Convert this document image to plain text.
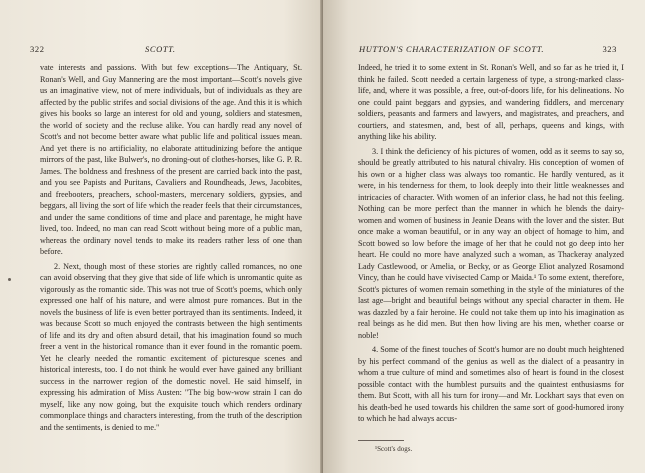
322	SCOTT.

vate interests and passions. With but few exceptions—The Antiquary, St. Ronan's Well, and Guy Mannering are the most important—Scott's novels give us an imaginative view, not of mere individuals, but of individuals as they are affected by the public strifes and social divisions of the age. And this it is which gives his books so large an interest for old and young, soldiers and statesmen, the world of society and the recluse alike. You can hardly read any novel of Scott's and not become better aware what public life and political issues mean. And yet there is no artificiality, no elaborate attitudinizing before the antique mirrors of the past, like Bulwer's, no droning-out of clothes-horses, like G. P. R. James. The boldness and freshness of the present are carried back into the past, and you see Papists and Puritans, Cavaliers and Roundheads, Jews, Jacobites, and freebooters, preachers, school-masters, mercenary soldiers, gypsies, and beggars, all living the sort of life which the reader feels that their circumstances, and under the same conditions of time and place and parentage, he might have lived, too. Indeed, no man can read Scott without being more of a public man, whereas the ordinary novel tends to make its readers rather less of one than before.

2. Next, though most of these stories are rightly called romances, no one can avoid observing that they give that side of life which is unromantic quite as vigorously as the romantic side. This was not true of Scott's poems, which only expressed one half of his nature, and were almost pure romances. But in the novels the business of life is even better portrayed than its sentiments. Indeed, it was because Scott so much enjoyed the contrasts between the high sentiments of life and its dry and often absurd detail, that his imagination found so much freer a vent in the historical romance than it ever found in the romantic poem. Yet he clearly needed the romantic excitement of picturesque scenes and historical interests, too. I do not think he would ever have gained any brilliant success in the narrower region of the domestic novel. He said himself, in expressing his admiration of Miss Austen: "The big bow-wow strain I can do myself, like any now going, but the exquisite touch which renders ordinary commonplace things and characters interesting, from the truth of the description and the sentiments, is denied to me."

HUTTON'S CHARACTERIZATION OF SCOTT.	323

Indeed, he tried it to some extent in St. Ronan's Well, and so far as he tried it, I think he failed. Scott needed a certain largeness of type, a strong-marked class-life, and, where it was possible, a free, out-of-doors life, for his delineations. No one could paint beggars and gypsies, and wandering fiddlers, and mercenary soldiers, peasants and farmers and lawyers, and magistrates, and preachers, and courtiers, and statesmen, and, best of all, perhaps, queens and kings, with anything like his ability.

3. I think the deficiency of his pictures of women, odd as it seems to say so, should be greatly attributed to his natural chivalry. His conception of women of his own or a higher class was always too romantic. He hardly ventured, as it were, in his tenderness for them, to look deeply into their little weaknesses and intricacies of character. With women of an inferior class, he had not this feeling. Nothing can be more perfect than the manner in which he blends the dairy-women and women of business in Jeanie Deans with the lover and the sister. But once make a woman beautiful, or in any way an object of homage to him, and Scott bowed so low before the image of her that he could not go deep into her heart. He could no more have analyzed such a woman, as Thackeray analyzed Lady Castlewood, or Amelia, or Becky, or as George Eliot analyzed Rosamond Vincy, than he could have vivisected Camp or Maida.¹ To some extent, therefore, Scott's pictures of women remain something in the style of the miniatures of the last age—bright and beautiful beings without any special character in them. He was dazzled by a fair heroine. He could not take them up into his imagination as real beings as he did men. But then how living are his men, whether coarse or noble!

4. Some of the finest touches of Scott's humor are no doubt much heightened by his perfect command of the genius as well as the dialect of a peasantry in whom a true culture of mind and sometimes also of heart is found in the closest possible contact with the humblest pursuits and the quaintest enthusiasms for them. But Scott, with all his turn for irony—and Mr. Lockhart says that even on his death-bed he used towards his children the same sort of good-humored irony to which he had always accus-

¹Scott's dogs.
